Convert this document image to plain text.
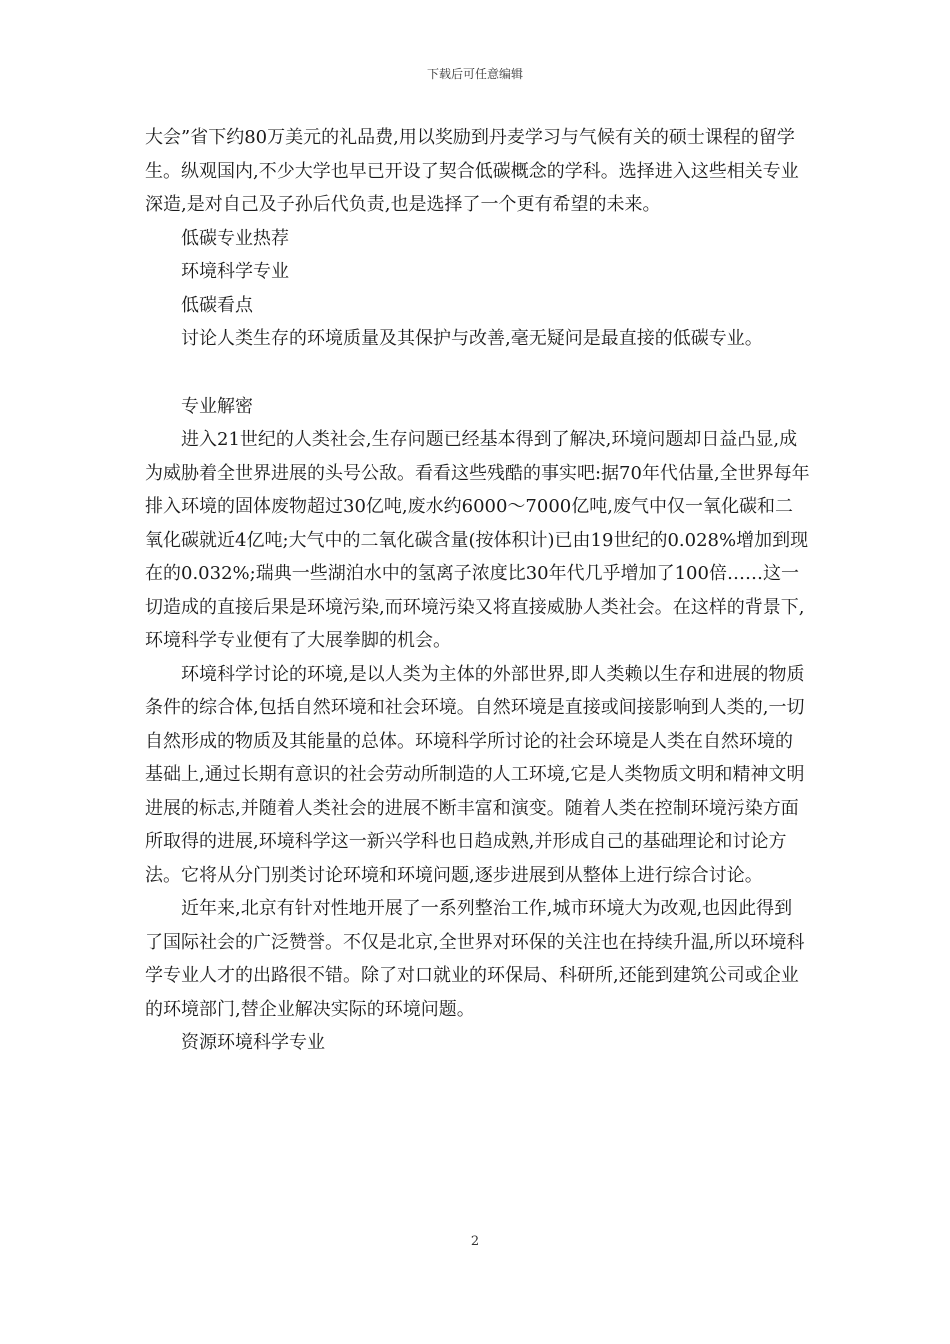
下载后可任意编辑

大会”省下约80万美元的礼品费,用以奖励到丹麦学习与气候有关的硕士课程的留学生。纵观国内,不少大学也早已开设了契合低碳概念的学科。选择进入这些相关专业深造,是对自己及子孙后代负责,也是选择了一个更有希望的未来。

低碳专业热荐

环境科学专业

低碳看点

讨论人类生存的环境质量及其保护与改善,毫无疑问是最直接的低碳专业。

专业解密

进入21世纪的人类社会,生存问题已经基本得到了解决,环境问题却日益凸显,成为威胁着全世界进展的头号公敌。看看这些残酷的事实吧:据70年代估量,全世界每年排入环境的固体废物超过30亿吨,废水约6000～7000亿吨,废气中仅一氧化碳和二氧化碳就近4亿吨;大气中的二氧化碳含量(按体积计)已由19世纪的0.028%增加到现在的0.032%;瑞典一些湖泊水中的氢离子浓度比30年代几乎增加了100倍……这一切造成的直接后果是环境污染,而环境污染又将直接威胁人类社会。在这样的背景下,环境科学专业便有了大展拳脚的机会。

环境科学讨论的环境,是以人类为主体的外部世界,即人类赖以生存和进展的物质条件的综合体,包括自然环境和社会环境。自然环境是直接或间接影响到人类的,一切自然形成的物质及其能量的总体。环境科学所讨论的社会环境是人类在自然环境的基础上,通过长期有意识的社会劳动所制造的人工环境,它是人类物质文明和精神文明进展的标志,并随着人类社会的进展不断丰富和演变。随着人类在控制环境污染方面所取得的进展,环境科学这一新兴学科也日趋成熟,并形成自己的基础理论和讨论方法。它将从分门别类讨论环境和环境问题,逐步进展到从整体上进行综合讨论。

近年来,北京有针对性地开展了一系列整治工作,城市环境大为改观,也因此得到了国际社会的广泛赞誉。不仅是北京,全世界对环保的关注也在持续升温,所以环境科学专业人才的出路很不错。除了对口就业的环保局、科研所,还能到建筑公司或企业的环境部门,替企业解决实际的环境问题。

资源环境科学专业

2
